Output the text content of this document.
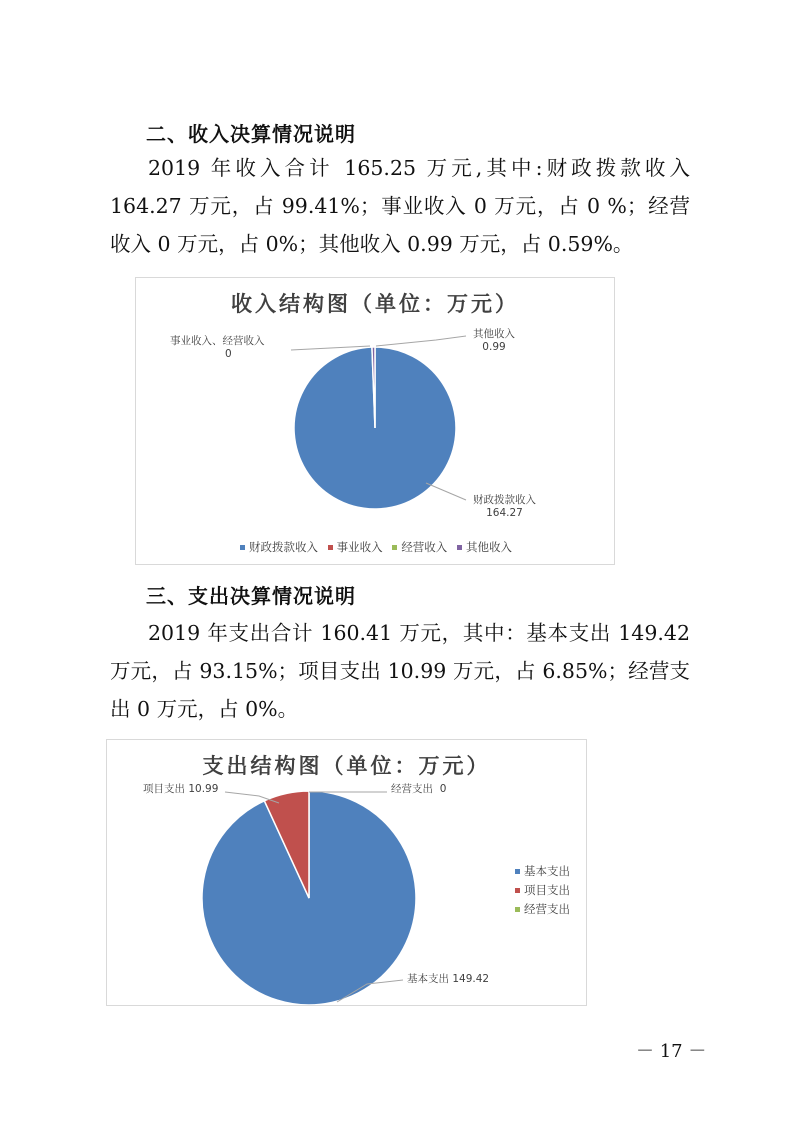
二、收入决算情况说明

2019 年收入合计 165.25 万元,其中:财政拨款收入 164.27 万元，占 99.41%；事业收入 0 万元，占 0 %；经营收入 0 万元，占 0%；其他收入 0.99 万元，占 0.59%。

收入结构图（单位：万元）
事业收入、经营收入
0
其他收入
0.99
财政拨款收入
164.27
财政拨款收入 事业收入 经营收入 其他收入
三、支出决算情况说明

2019 年支出合计 160.41 万元，其中：基本支出 149.42 万元，占 93.15%；项目支出 10.99 万元，占 6.85%；经营支出 0 万元，占 0%。

支出结构图（单位：万元）
项目支出 10.99	经营支出 0
基本支出 149.42
基本支出
项目支出
经营支出

－ 17 －
